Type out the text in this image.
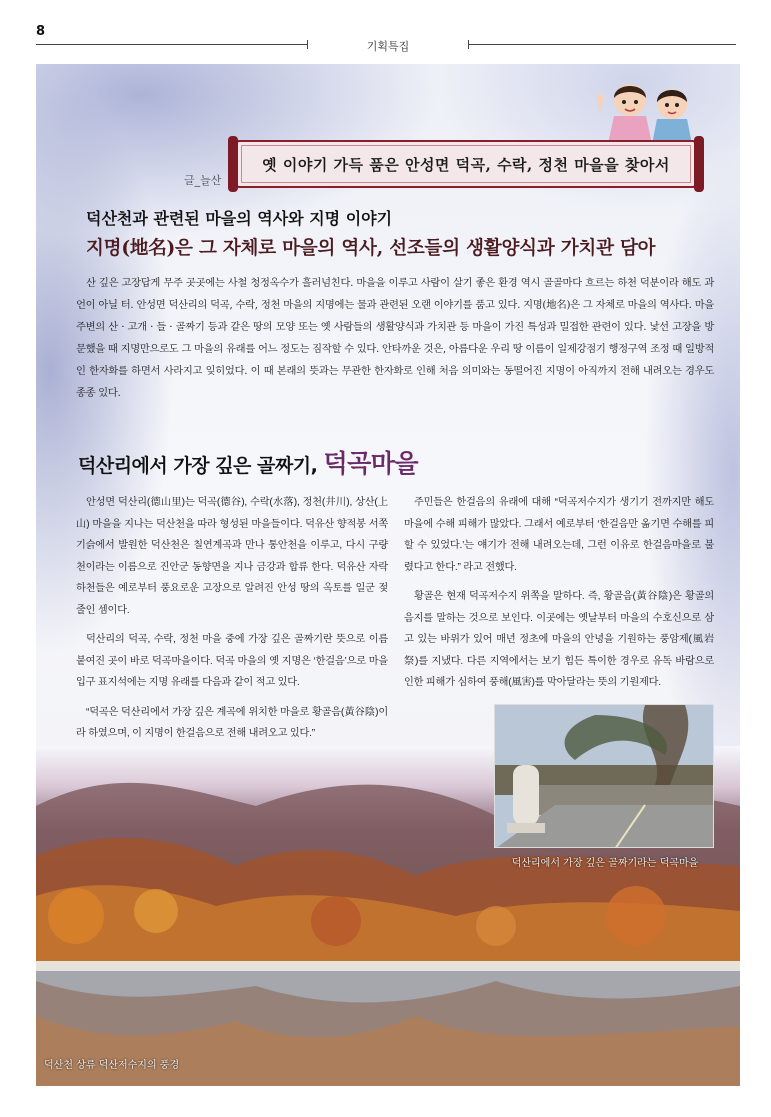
8
기획특집
옛 이야기 가득 품은 안성면 덕곡, 수락, 정천 마을을 찾아서
글_늘산
덕산천과 관련된 마을의 역사와 지명 이야기
지명(地名)은 그 자체로 마을의 역사, 선조들의 생활양식과 가치관 담아

산 깊은 고장답게 무주 곳곳에는 사철 청정옥수가 흘러넘친다. 마을을 이루고 사람이 살기 좋은 환경 역시 골골마다 흐르는 하천 덕분이라 해도 과언이 아닐 터. 안성면 덕산리의 덕곡, 수락, 정천 마을의 지명에는 물과 관련된 오랜 이야기를 품고 있다. 지명(地名)은 그 자체로 마을의 역사다. 마을 주변의 산 · 고개 · 들 · 골짜기 등과 같은 땅의 모양 또는 옛 사람들의 생활양식과 가치관 등 마을이 가진 특성과 밀접한 관련이 있다. 낯선 고장을 방문했을 때 지명만으로도 그 마을의 유래를 어느 정도는 짐작할 수 있다. 안타까운 것은, 아름다운 우리 땅 이름이 일제강점기 행정구역 조정 때 일방적인 한자화를 하면서 사라지고 잊히었다. 이 때 본래의 뜻과는 무관한 한자화로 인해 처음 의미와는 동떨어진 지명이 아직까지 전해 내려오는 경우도 종종 있다.

덕산리에서 가장 깊은 골짜기, 덕곡마을

안성면 덕산리(德山里)는 덕곡(德谷), 수락(水落), 정천(井川), 상산(上山) 마을을 지나는 덕산천을 따라 형성된 마을들이다. 덕유산 향적봉 서쪽 기슭에서 발원한 덕산천은 칠연계곡과 만나 통안천을 이루고, 다시 구량천이라는 이름으로 진안군 동향면을 지나 금강과 합류 한다. 덕유산 자락 하천들은 예로부터 풍요로운 고장으로 알려진 안성 땅의 옥토를 일군 젖줄인 셈이다.

덕산리의 덕곡, 수락, 정천 마을 중에 가장 깊은 골짜기란 뜻으로 이름 붙여진 곳이 바로 덕곡마을이다. 덕곡 마을의 옛 지명은 ‘한걸음’으로 마을 입구 표지석에는 지명 유래를 다음과 같이 적고 있다.

“덕곡은 덕산리에서 가장 깊은 계곡에 위치한 마을로 황골음(黃谷陰)이라 하였으며, 이 지명이 한걸음으로 전해 내려오고 있다.”

주민들은 한걸음의 유래에 대해 “덕곡저수지가 생기기 전까지만 해도 마을에 수해 피해가 많았다. 그래서 예로부터 ‘한걸음만 옮기면 수해를 피할 수 있었다.’는 얘기가 전해 내려오는데, 그런 이유로 한걸음마을로 불렸다고 한다.” 라고 전했다.

황골은 현재 덕곡저수지 위쪽을 말하다. 즉, 황골음(黃谷陰)은 황골의 음지를 말하는 것으로 보인다. 이곳에는 옛날부터 마을의 수호신으로 삼고 있는 바위가 있어 매년 정초에 마을의 안녕을 기원하는 풍암제(風岩祭)를 지냈다. 다른 지역에서는 보기 힘든 특이한 경우로 유독 바람으로 인한 피해가 심하여 풍해(風害)를 막아달라는 뜻의 기원제다.

덕산리에서 가장 깊은 골짜기라는 덕곡마을
덕산천 상류 덕산저수지의 풍경
